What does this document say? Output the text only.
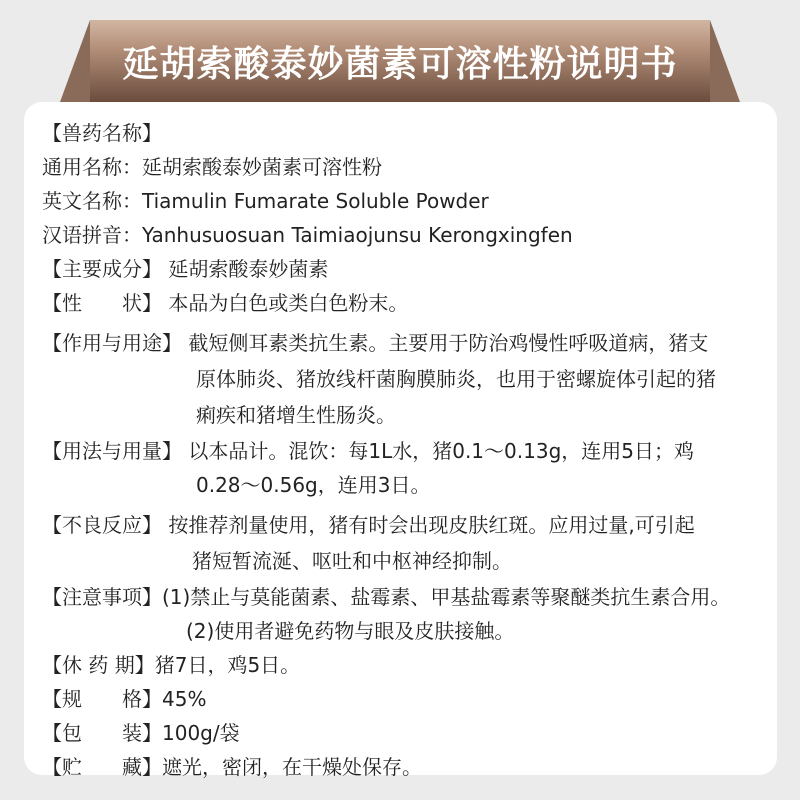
延胡索酸泰妙菌素可溶性粉说明书
【兽药名称】
通用名称：延胡索酸泰妙菌素可溶性粉
英文名称：Tiamulin Fumarate Soluble Powder
汉语拼音：Yanhusuosuan Taimiaojunsu Kerongxingfen
【主要成分】 延胡索酸泰妙菌素
【性　　状】 本品为白色或类白色粉末。
【作用与用途】 截短侧耳素类抗生素。主要用于防治鸡慢性呼吸道病，猪支
原体肺炎、猪放线杆菌胸膜肺炎，也用于密螺旋体引起的猪
痢疾和猪增生性肠炎。
【用法与用量】 以本品计。混饮：每1L水，猪0.1～0.13g，连用5日；鸡
0.28～0.56g，连用3日。
【不良反应】 按推荐剂量使用，猪有时会出现皮肤红斑。应用过量,可引起
猪短暂流涎、呕吐和中枢神经抑制。
【注意事项】(1)禁止与莫能菌素、盐霉素、甲基盐霉素等聚醚类抗生素合用。
(2)使用者避免药物与眼及皮肤接触。
【休 药 期】猪7日，鸡5日。
【规　　格】45%
【包　　装】100g/袋
【贮　　藏】遮光，密闭，在干燥处保存。
